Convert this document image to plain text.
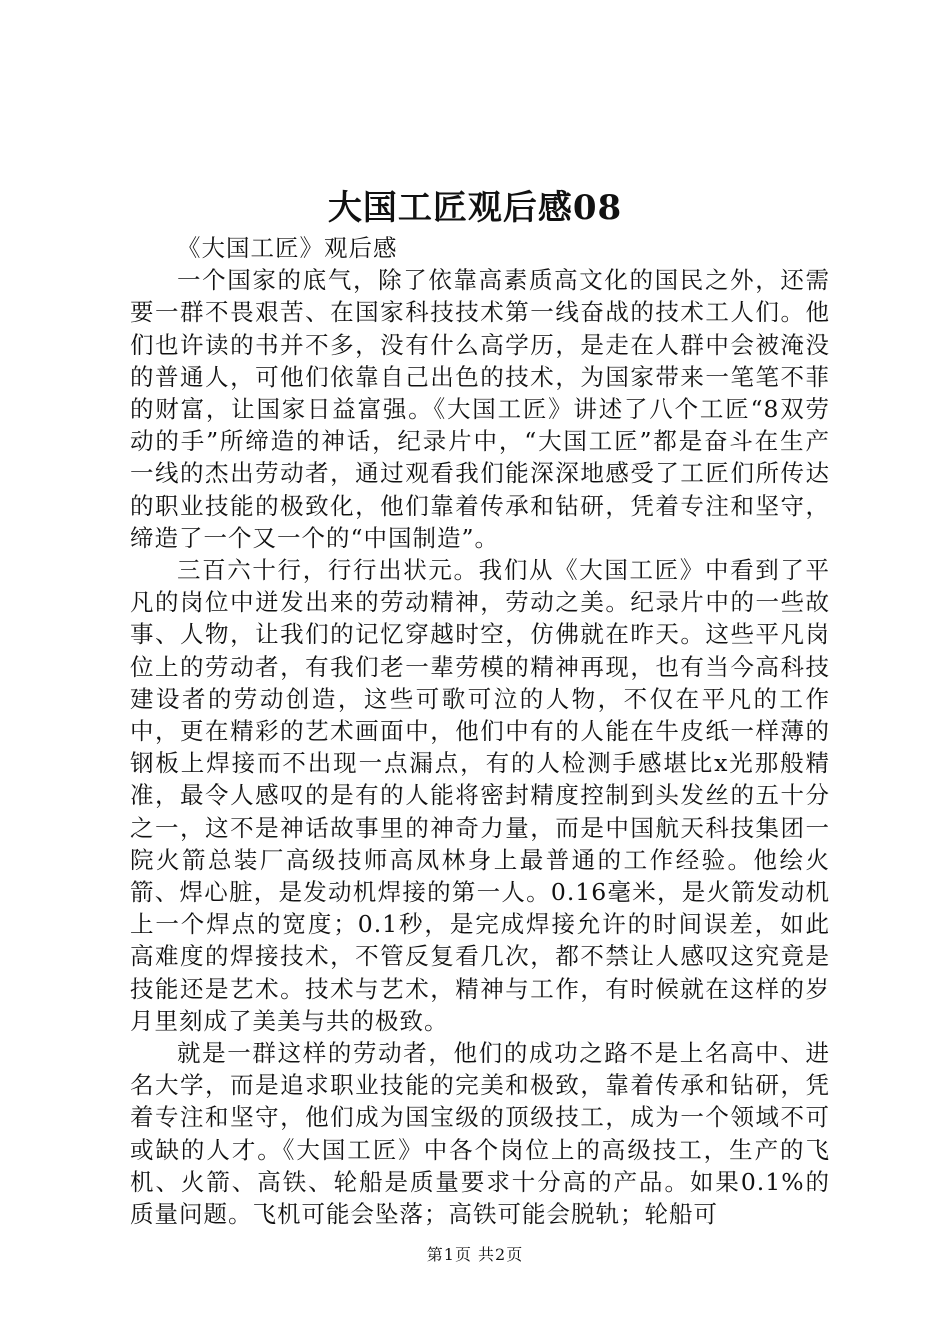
大国工匠观后感08

《大国工匠》观后感

一个国家的底气，除了依靠高素质高文化的国民之外，还需要一群不畏艰苦、在国家科技技术第一线奋战的技术工人们。他们也许读的书并不多，没有什么高学历，是走在人群中会被淹没的普通人，可他们依靠自己出色的技术，为国家带来一笔笔不菲的财富，让国家日益富强。《大国工匠》讲述了八个工匠“8双劳动的手”所缔造的神话，纪录片中，“大国工匠”都是奋斗在生产一线的杰出劳动者，通过观看我们能深深地感受了工匠们所传达的职业技能的极致化，他们靠着传承和钻研，凭着专注和坚守，缔造了一个又一个的“中国制造”。

三百六十行，行行出状元。我们从《大国工匠》中看到了平凡的岗位中迸发出来的劳动精神，劳动之美。纪录片中的一些故事、人物，让我们的记忆穿越时空，仿佛就在昨天。这些平凡岗位上的劳动者，有我们老一辈劳模的精神再现，也有当今高科技建设者的劳动创造，这些可歌可泣的人物，不仅在平凡的工作中，更在精彩的艺术画面中，他们中有的人能在牛皮纸一样薄的钢板上焊接而不出现一点漏点，有的人检测手感堪比x光那般精准，最令人感叹的是有的人能将密封精度控制到头发丝的五十分之一，这不是神话故事里的神奇力量，而是中国航天科技集团一院火箭总装厂高级技师高凤林身上最普通的工作经验。他绘火箭、焊心脏，是发动机焊接的第一人。0.16毫米，是火箭发动机上一个焊点的宽度；0.1秒，是完成焊接允许的时间误差，如此高难度的焊接技术，不管反复看几次，都不禁让人感叹这究竟是技能还是艺术。技术与艺术，精神与工作，有时候就在这样的岁月里刻成了美美与共的极致。

就是一群这样的劳动者，他们的成功之路不是上名高中、进名大学，而是追求职业技能的完美和极致，靠着传承和钻研，凭着专注和坚守，他们成为国宝级的顶级技工，成为一个领域不可或缺的人才。《大国工匠》中各个岗位上的高级技工，生产的飞机、火箭、高铁、轮船是质量要求十分高的产品。如果0.1%的质量问题。飞机可能会坠落；高铁可能会脱轨；轮船可

第1页 共2页
